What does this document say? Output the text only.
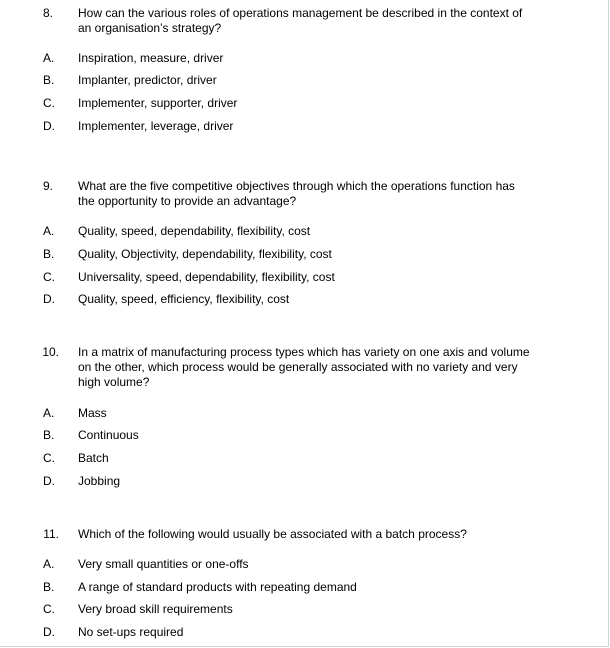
8. How can the various roles of operations management be described in the context of
an organisation’s strategy?
A. Inspiration, measure, driver
B. Implanter, predictor, driver
C. Implementer, supporter, driver
D. Implementer, leverage, driver
9. What are the five competitive objectives through which the operations function has
the opportunity to provide an advantage?
A. Quality, speed, dependability, flexibility, cost
B. Quality, Objectivity, dependability, flexibility, cost
C. Universality, speed, dependability, flexibility, cost
D. Quality, speed, efficiency, flexibility, cost
10. In a matrix of manufacturing process types which has variety on one axis and volume
on the other, which process would be generally associated with no variety and very
high volume?
A. Mass
B. Continuous
C. Batch
D. Jobbing
11. Which of the following would usually be associated with a batch process?
A. Very small quantities or one-offs
B. A range of standard products with repeating demand
C. Very broad skill requirements
D. No set-ups required
